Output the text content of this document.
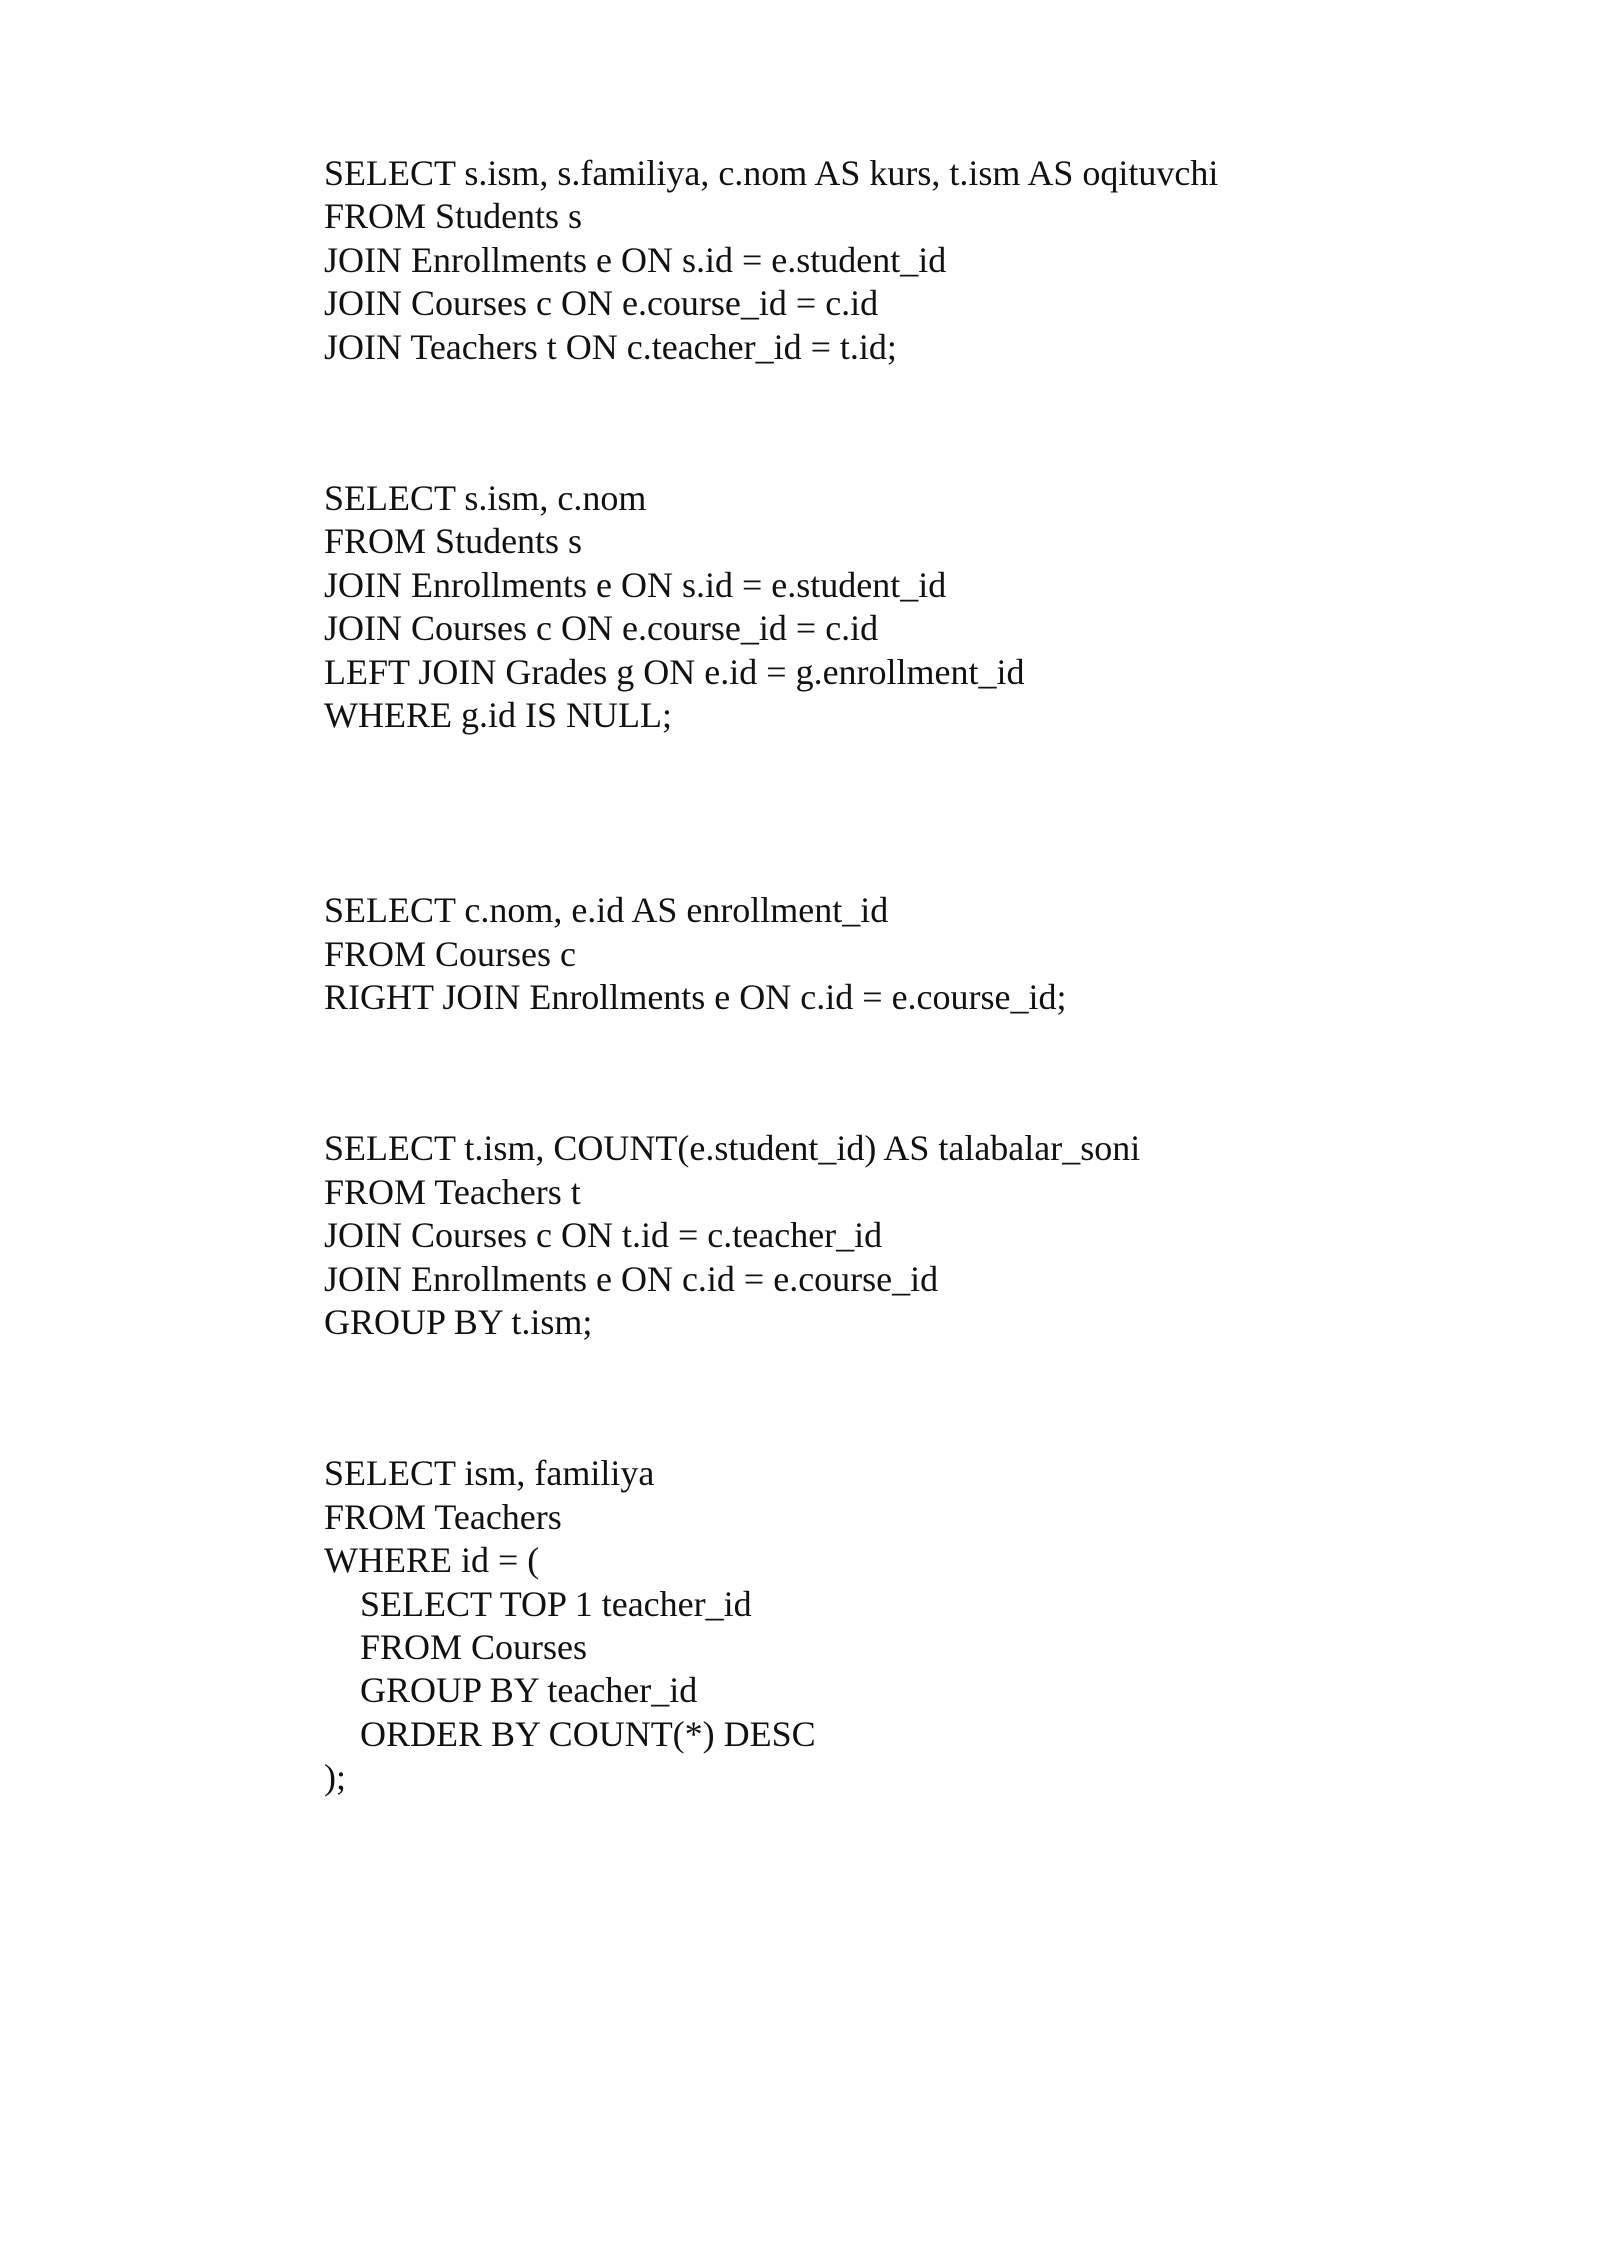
SELECT s.ism, s.familiya, c.nom AS kurs, t.ism AS oqituvchi
FROM Students s
JOIN Enrollments e ON s.id = e.student_id
JOIN Courses c ON e.course_id = c.id
JOIN Teachers t ON c.teacher_id = t.id;
SELECT s.ism, c.nom
FROM Students s
JOIN Enrollments e ON s.id = e.student_id
JOIN Courses c ON e.course_id = c.id
LEFT JOIN Grades g ON e.id = g.enrollment_id
WHERE g.id IS NULL;
SELECT c.nom, e.id AS enrollment_id
FROM Courses c
RIGHT JOIN Enrollments e ON c.id = e.course_id;
SELECT t.ism, COUNT(e.student_id) AS talabalar_soni
FROM Teachers t
JOIN Courses c ON t.id = c.teacher_id
JOIN Enrollments e ON c.id = e.course_id
GROUP BY t.ism;
SELECT ism, familiya
FROM Teachers
WHERE id = (
SELECT TOP 1 teacher_id
FROM Courses
GROUP BY teacher_id
ORDER BY COUNT(*) DESC
);
